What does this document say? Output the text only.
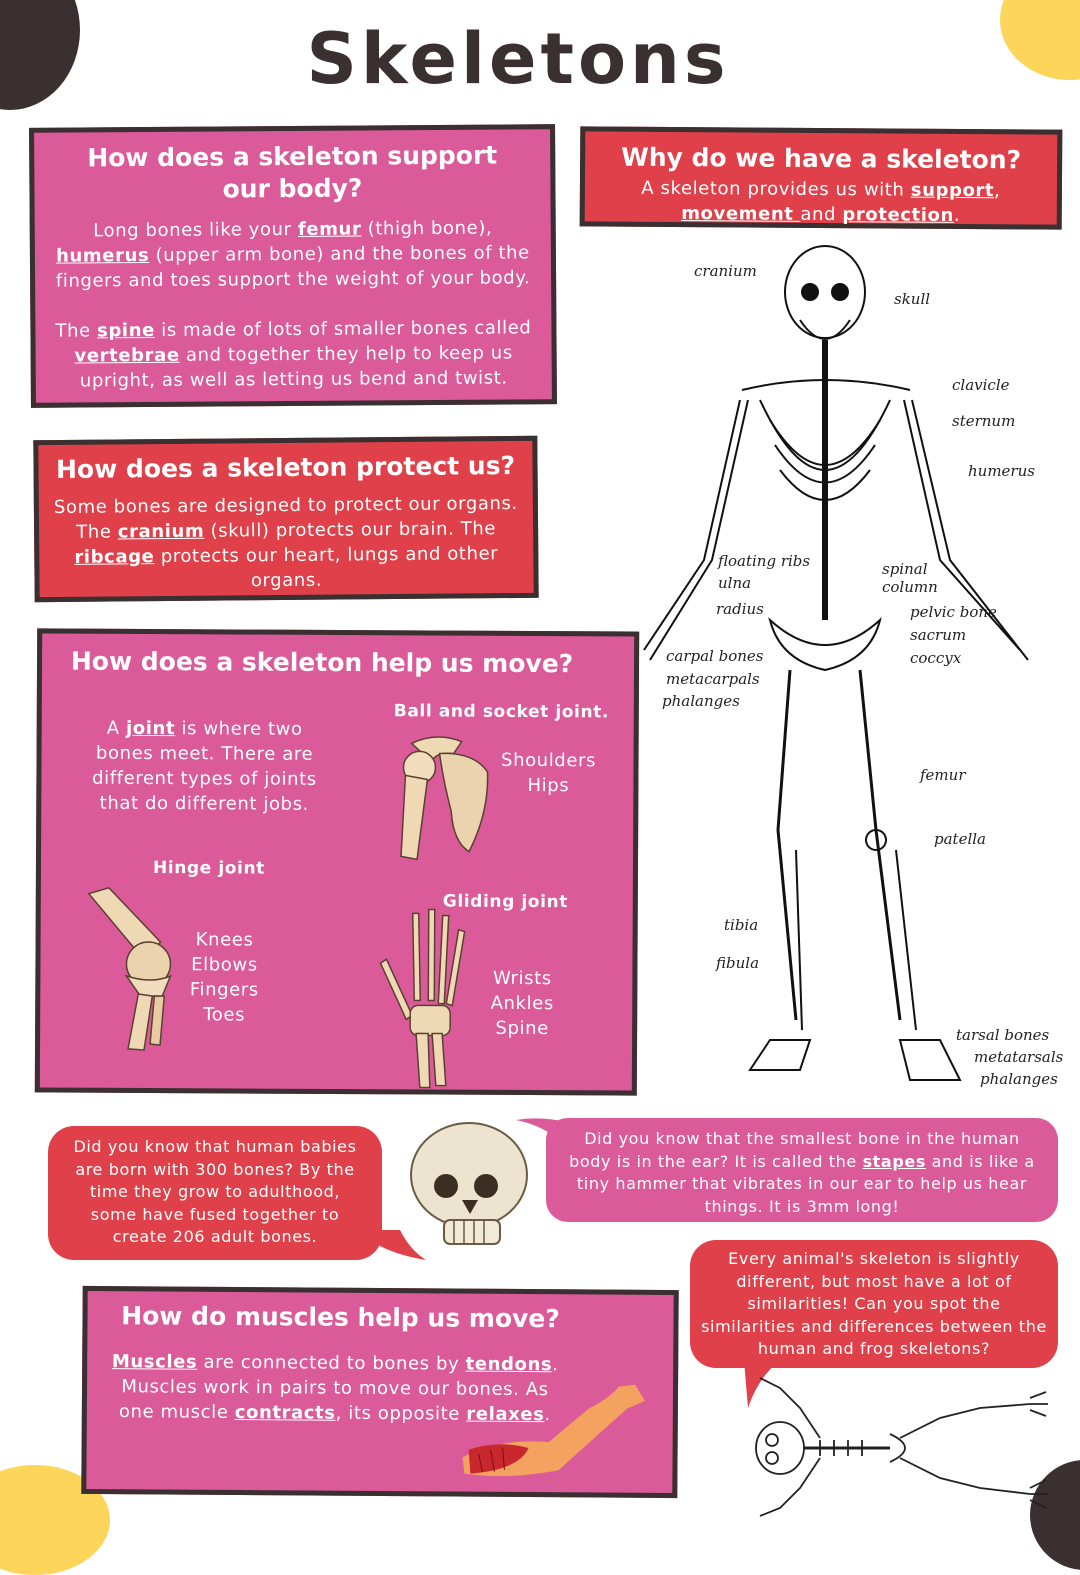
Skeletons
How does a skeleton support our body?

Long bones like your femur (thigh bone), humerus (upper arm bone) and the bones of the fingers and toes support the weight of your body.

The spine is made of lots of smaller bones called vertebrae and together they help to keep us upright, as well as letting us bend and twist.

Why do we have a skeleton?

A skeleton provides us with support,
movement and protection.

How does a skeleton protect us?

Some bones are designed to protect our organs. The cranium (skull) protects our brain. The ribcage protects our heart, lungs and other organs.

How does a skeleton help us move?

A joint is where two bones meet. There are different types of joints that do different jobs.

Ball and socket joint.
Shoulders
Hips
Hinge joint
Knees
Elbows
Fingers
Toes
Gliding joint
Wrists
Ankles
Spine
cranium
skull
clavicle
sternum
humerus
floating ribs
ulna
spinal
column
radius	pelvic bone
sacrum
carpal bones	coccyx
metacarpals
phalanges
femur
patella
tibia
fibula
tarsal bones
metatarsals
phalanges
Did you know that human babies are born with 300 bones? By the time they grow to adulthood, some have fused together to create 206 adult bones.
Did you know that the smallest bone in the human body is in the ear? It is called the stapes and is like a tiny hammer that vibrates in our ear to help us hear things. It is 3mm long!
Every animal's skeleton is slightly different, but most have a lot of similarities! Can you spot the similarities and differences between the human and frog skeletons?
How do muscles help us move?

Muscles are connected to bones by tendons. Muscles work in pairs to move our bones. As one muscle contracts, its opposite relaxes.
